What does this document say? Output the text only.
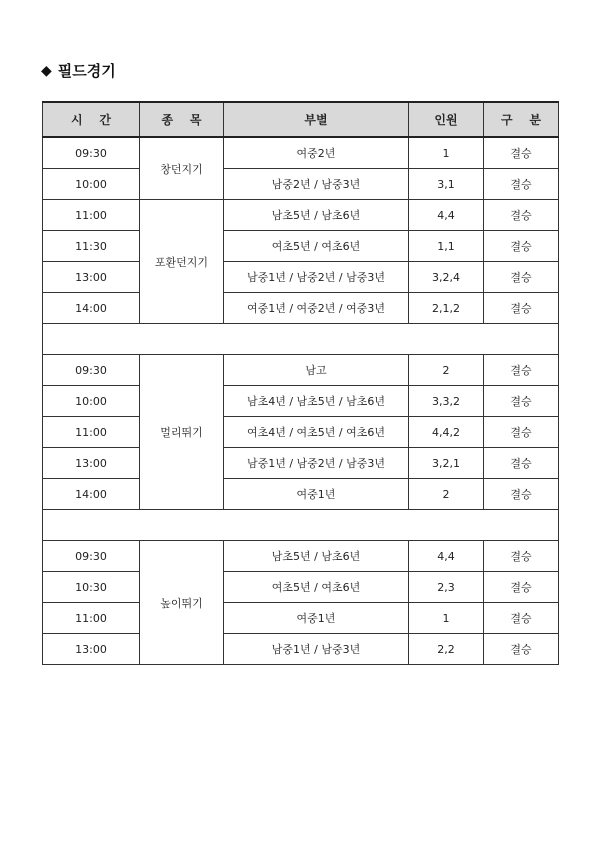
◆ 필드경기
시    간	종    목	부별	인원	구    분
09:30	창던지기	여중2년	1	결승
10:00		남중2년 / 남중3년	3,1	결승
11:00	포환던지기	남초5년 / 남초6년	4,4	결승
11:30		여초5년 / 여초6년	1,1	결승
13:00		남중1년 / 남중2년 / 남중3년	3,2,4	결승
14:00		여중1년 / 여중2년 / 여중3년	2,1,2	결승

09:30	멀리뛰기	남고	2	결승
10:00		남초4년 / 남초5년 / 남초6년	3,3,2	결승
11:00		여초4년 / 여초5년 / 여초6년	4,4,2	결승
13:00		남중1년 / 남중2년 / 남중3년	3,2,1	결승
14:00		여중1년	2	결승

09:30	높이뛰기	남초5년 / 남초6년	4,4	결승
10:30		여초5년 / 여초6년	2,3	결승
11:00		여중1년	1	결승
13:00		남중1년 / 남중3년	2,2	결승
